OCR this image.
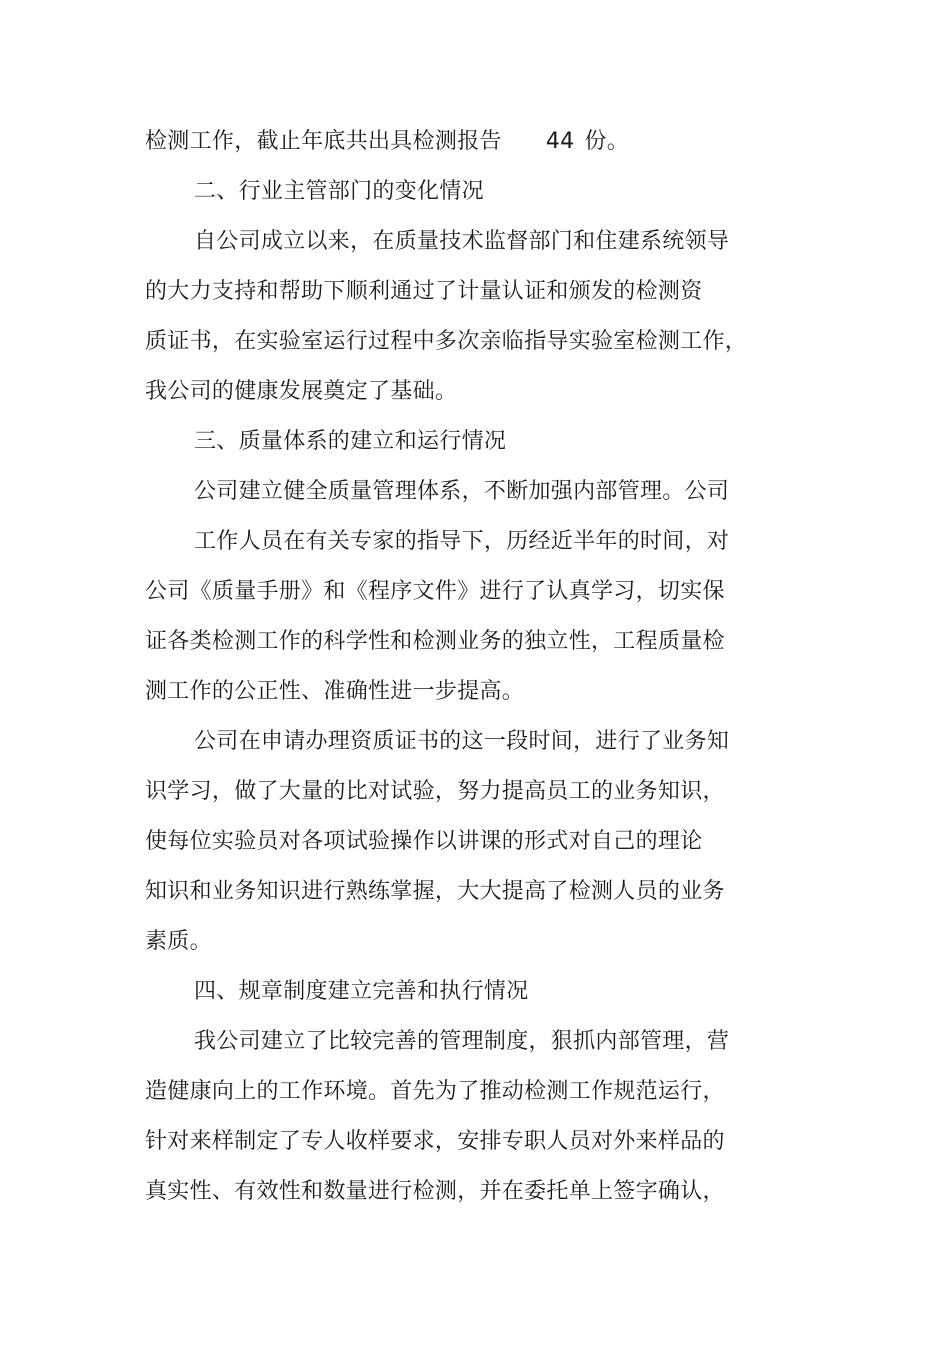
检测工作，截止年底共出具检测报告 44 份。
二、行业主管部门的变化情况
自公司成立以来，在质量技术监督部门和住建系统领导
的大力支持和帮助下顺利通过了计量认证和颁发的检测资
质证书，在实验室运行过程中多次亲临指导实验室检测工作，
我公司的健康发展奠定了基础。
三、质量体系的建立和运行情况
公司建立健全质量管理体系，不断加强内部管理。公司
工作人员在有关专家的指导下，历经近半年的时间，对
公司《质量手册》和《程序文件》进行了认真学习，切实保
证各类检测工作的科学性和检测业务的独立性，工程质量检
测工作的公正性、准确性进一步提高。
公司在申请办理资质证书的这一段时间，进行了业务知
识学习，做了大量的比对试验，努力提高员工的业务知识，
使每位实验员对各项试验操作以讲课的形式对自己的理论
知识和业务知识进行熟练掌握，大大提高了检测人员的业务
素质。
四、规章制度建立完善和执行情况
我公司建立了比较完善的管理制度，狠抓内部管理，营
造健康向上的工作环境。首先为了推动检测工作规范运行，
针对来样制定了专人收样要求，安排专职人员对外来样品的
真实性、有效性和数量进行检测，并在委托单上签字确认，
